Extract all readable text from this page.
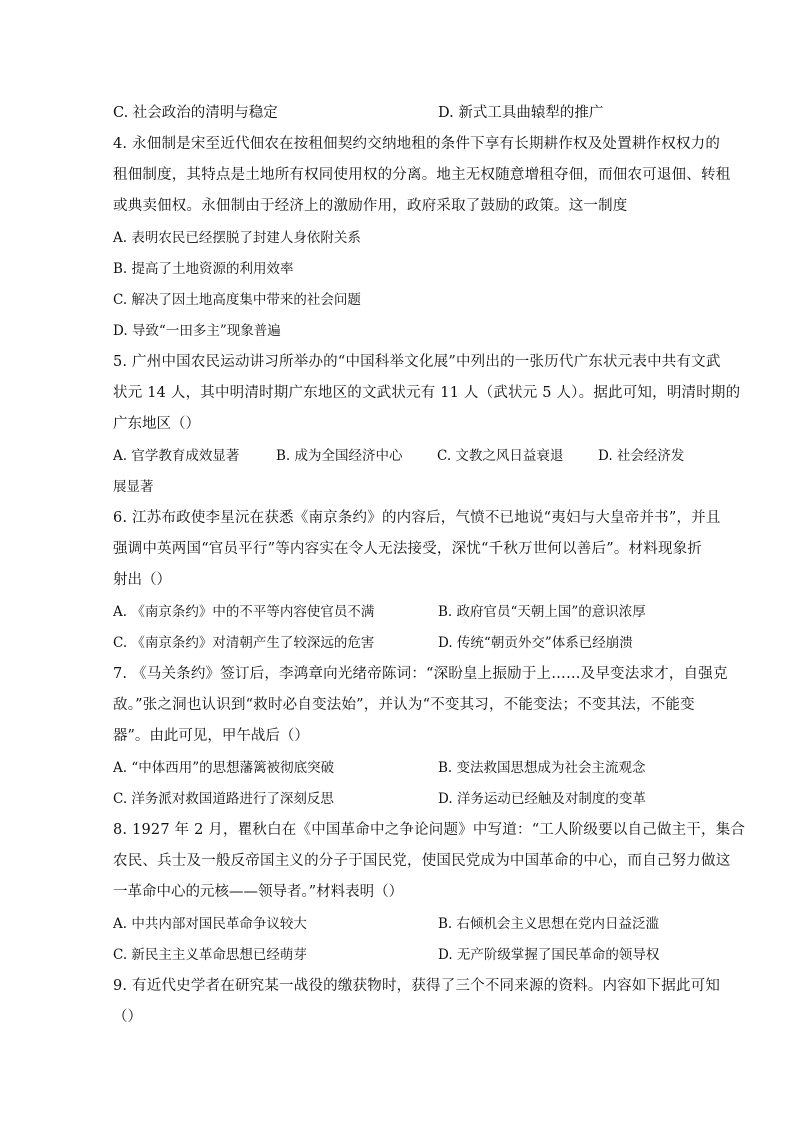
C. 社会政治的清明与稳定	D. 新式工具曲辕犁的推广
4. 永佃制是宋至近代佃农在按租佃契约交纳地租的条件下享有长期耕作权及处置耕作权权力的
租佃制度，其特点是土地所有权同使用权的分离。地主无权随意增租夺佃，而佃农可退佃、转租
或典卖佃权。永佃制由于经济上的激励作用，政府采取了鼓励的政策。这一制度
A. 表明农民已经摆脱了封建人身依附关系
B. 提高了土地资源的利用效率
C. 解决了因土地高度集中带来的社会问题
D. 导致“一田多主”现象普遍
5. 广州中国农民运动讲习所举办的“中国科举文化展”中列出的一张历代广东状元表中共有文武
状元 14 人，其中明清时期广东地区的文武状元有 11 人（武状元 5 人）。据此可知，明清时期的
广东地区（）
A. 官学教育成效显著	B. 成为全国经济中心	C. 文教之风日益衰退	D. 社会经济发
展显著
6. 江苏布政使李星沅在获悉《南京条约》的内容后，气愤不已地说“夷妇与大皇帝并书”，并且
强调中英两国“官员平行”等内容实在令人无法接受，深忧“千秋万世何以善后”。材料现象折
射出（）
A. 《南京条约》中的不平等内容使官员不满	B. 政府官员“天朝上国”的意识浓厚
C. 《南京条约》对清朝产生了较深远的危害	D. 传统“朝贡外交”体系已经崩溃
7. 《马关条约》签订后，李鸿章向光绪帝陈词：“深盼皇上振励于上……及早变法求才，自强克
敌。”张之洞也认识到“救时必自变法始”，并认为“不变其习，不能变法；不变其法，不能变
器”。由此可见，甲午战后（）
A. “中体西用”的思想藩篱被彻底突破	B. 变法救国思想成为社会主流观念
C. 洋务派对救国道路进行了深刻反思	D. 洋务运动已经触及对制度的变革
8. 1927 年 2 月，瞿秋白在《中国革命中之争论问题》中写道：“工人阶级要以自己做主干，集合
农民、兵士及一般反帝国主义的分子于国民党，使国民党成为中国革命的中心，而自己努力做这
一革命中心的元核——领导者。”材料表明（）
A. 中共内部对国民革命争议较大	B. 右倾机会主义思想在党内日益泛滥
C. 新民主主义革命思想已经萌芽	D. 无产阶级掌握了国民革命的领导权
9. 有近代史学者在研究某一战役的缴获物时，获得了三个不同来源的资料。内容如下据此可知
（）
